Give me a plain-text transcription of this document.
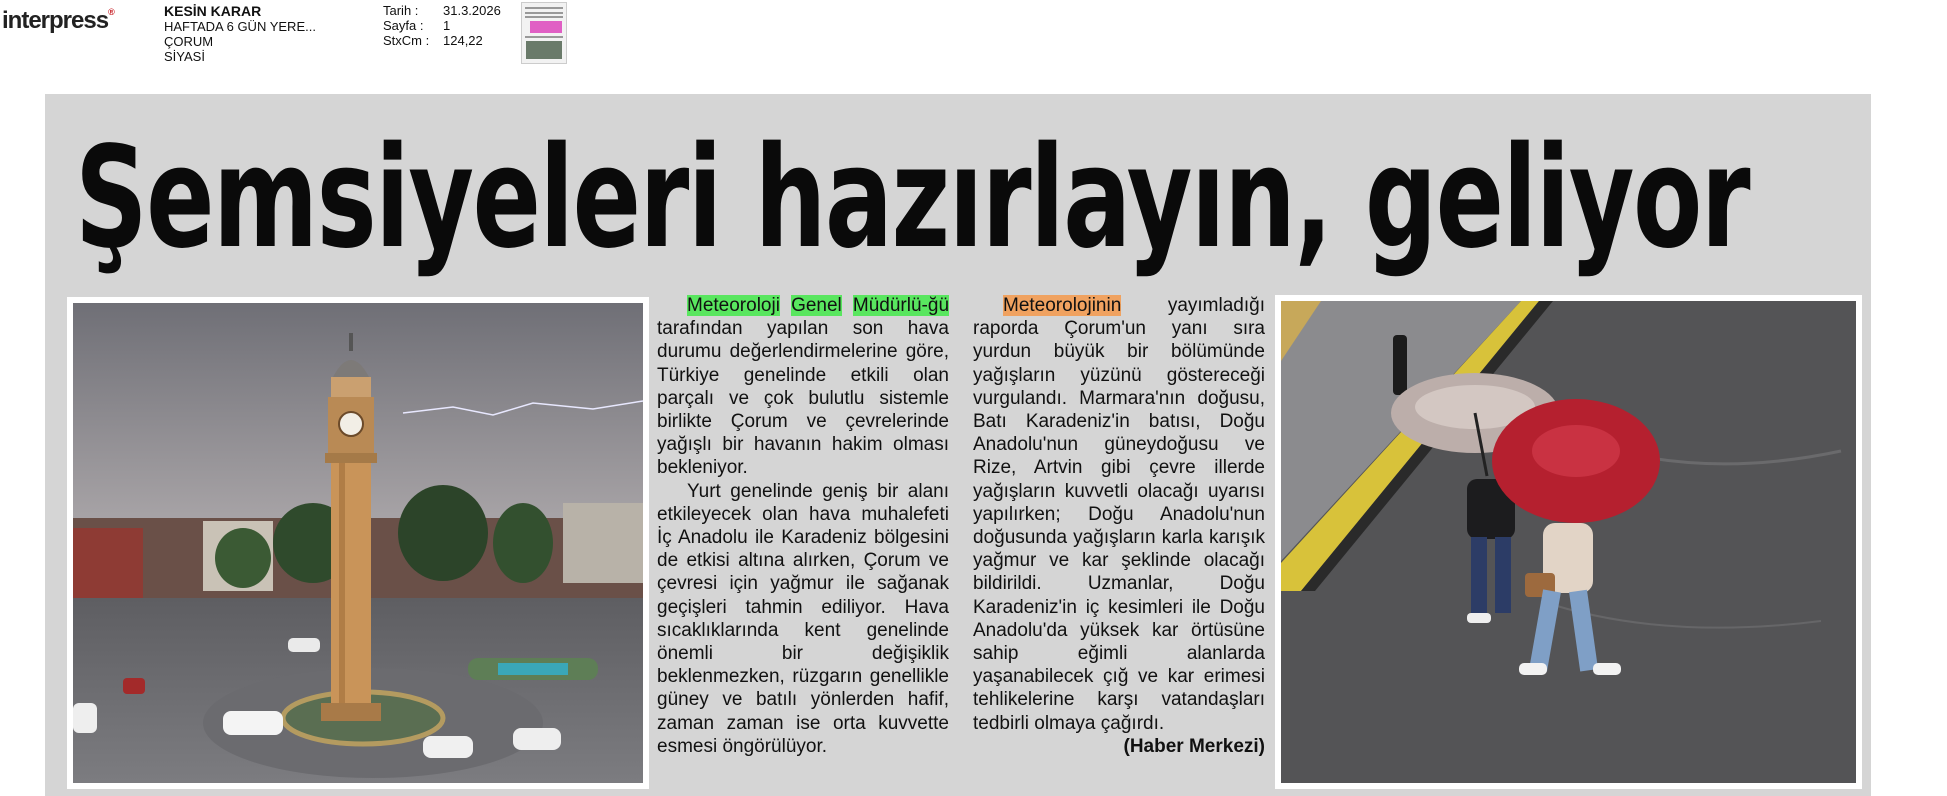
interpress®	KESİN KARAR
HAFTADA 6 GÜN YERE...
ÇORUM
SİYASİ
Tarih :	31.3.2026
Sayfa :	1
StxCm :	124,22
Şemsiyeleri hazırlayın, geliyor

Meteoroloji Genel Müdürlü-ğü tarafından yapılan son hava durumu değerlendirmelerine göre, Türkiye genelinde etkili olan parçalı ve çok bulutlu sistemle birlikte Çorum ve çevrelerinde yağışlı bir havanın hakim olması bekleniyor.

Yurt genelinde geniş bir alanı etkileyecek olan hava muhalefeti İç Anadolu ile Karadeniz bölgesini de etkisi altına alırken, Çorum ve çevresi için yağmur ile sağanak geçişleri tahmin ediliyor. Hava sıcaklıklarında kent genelinde önemli bir değişiklik beklenmezken, rüzgarın genellikle güney ve batılı yönlerden hafif, zaman zaman ise orta kuvvette esmesi öngörülüyor.

Meteorolojinin yayımladığı raporda Çorum'un yanı sıra yurdun büyük bir bölümünde yağışların yüzünü göstereceği vurgulandı. Marmara'nın doğusu, Batı Karadeniz'in batısı, Doğu Anadolu'nun güneydoğusu ve Rize, Artvin gibi çevre illerde yağışların kuvvetli olacağı uyarısı yapılırken; Doğu Anadolu'nun doğusunda yağışların karla karışık yağmur ve kar şeklinde olacağı bildirildi. Uzmanlar, Doğu Karadeniz'in iç kesimleri ile Doğu Anadolu'da yüksek kar örtüsüne sahip eğimli alanlarda yaşanabilecek çığ ve kar erimesi tehlikelerine karşı vatandaşları tedbirli olmaya çağırdı.

(Haber Merkezi)
